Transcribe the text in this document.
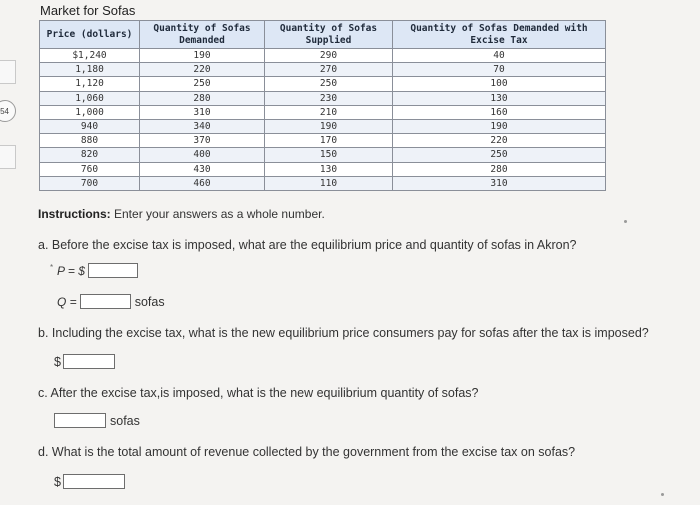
Market for Sofas
54
Price (dollars)	Quantity of Sofas Demanded	Quantity of Sofas Supplied	Quantity of Sofas Demanded with Excise Tax
$1,240	190	290	40
1,180	220	270	70
1,120	250	250	100
1,060	280	230	130
1,000	310	210	160
940	340	190	190
880	370	170	220
820	400	150	250
760	430	130	280
700	460	110	310
Instructions: Enter your answers as a whole number.
a. Before the excise tax is imposed, what are the equilibrium price and quantity of sofas in Akron?
* P = $
Q =	sofas
b. Including the excise tax, what is the new equilibrium price consumers pay for sofas after the tax is imposed?
$
c. After the excise tax,is imposed, what is the new equilibrium quantity of sofas?
sofas
d. What is the total amount of revenue collected by the government from the excise tax on sofas?
$
